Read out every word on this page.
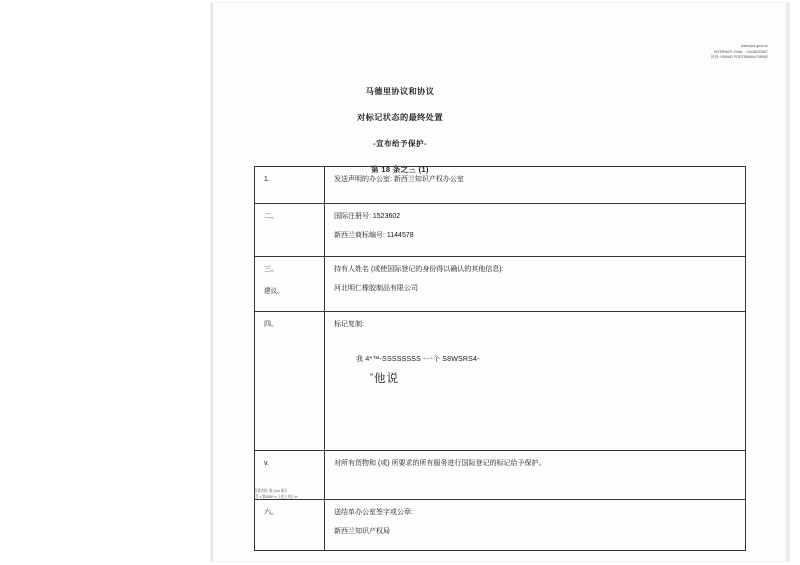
www.ipoi.govt.nz
INTERNATI ONAL , +6448022607
传真:+359942 PORTSMAN4748962
马德里协议和协议
对标记状态的最终处置
-宣布给予保护-
第 18 条之三 (1)
1.	发送声明的办公室: 新西兰知识产权办公室

二。	国际注册号: 1523602
新西兰商标编号: 1144578

三。
建议。	持有人姓名 (或使国际登记的身份得以确认的其他信息):
河北明仁橡胶制品有限公司

四。	标记复制:
我 4*™-SSSSSSSS -一个 S8WSRS4-
”他说

v.	对所有货物和 (或) 所要求的所有服务进行国际登记的标记给予保护。

六。	送结单办公室签字或公章:
新西兰知识产权局
引票内容: 第 ( ton 第页
*号 x 第8389 *x 上述上项方 x*
